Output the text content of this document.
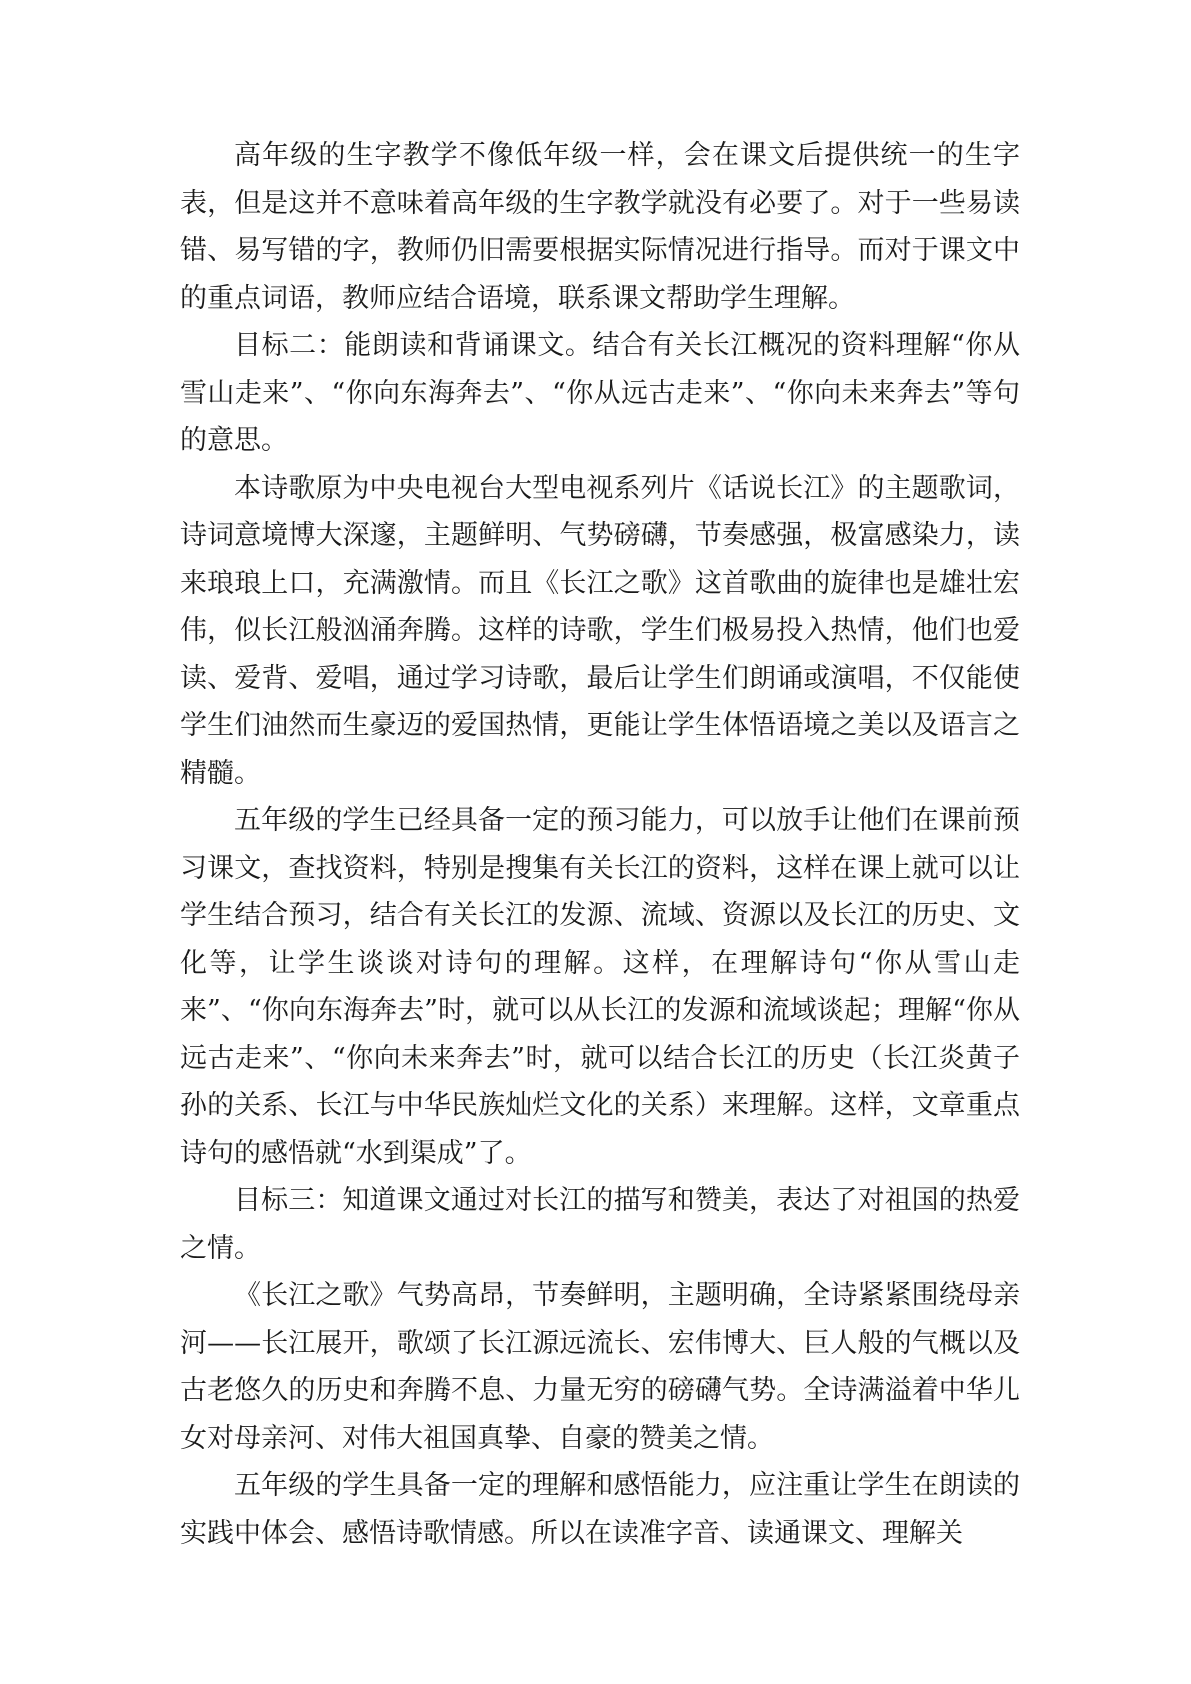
高年级的生字教学不像低年级一样，会在课文后提供统一的生字表，但是这并不意味着高年级的生字教学就没有必要了。对于一些易读错、易写错的字，教师仍旧需要根据实际情况进行指导。而对于课文中的重点词语，教师应结合语境，联系课文帮助学生理解。

目标二：能朗读和背诵课文。结合有关长江概况的资料理解“你从雪山走来”、“你向东海奔去”、“你从远古走来”、“你向未来奔去”等句的意思。

本诗歌原为中央电视台大型电视系列片《话说长江》的主题歌词，诗词意境博大深邃，主题鲜明、气势磅礴，节奏感强，极富感染力，读来琅琅上口，充满激情。而且《长江之歌》这首歌曲的旋律也是雄壮宏伟，似长江般汹涌奔腾。这样的诗歌，学生们极易投入热情，他们也爱读、爱背、爱唱，通过学习诗歌，最后让学生们朗诵或演唱，不仅能使学生们油然而生豪迈的爱国热情，更能让学生体悟语境之美以及语言之精髓。

五年级的学生已经具备一定的预习能力，可以放手让他们在课前预习课文，查找资料，特别是搜集有关长江的资料，这样在课上就可以让学生结合预习，结合有关长江的发源、流域、资源以及长江的历史、文化等，让学生谈谈对诗句的理解。这样，在理解诗句“你从雪山走来”、“你向东海奔去”时，就可以从长江的发源和流域谈起；理解“你从远古走来”、“你向未来奔去”时，就可以结合长江的历史（长江炎黄子孙的关系、长江与中华民族灿烂文化的关系）来理解。这样，文章重点诗句的感悟就“水到渠成”了。

目标三：知道课文通过对长江的描写和赞美，表达了对祖国的热爱之情。

《长江之歌》气势高昂，节奏鲜明，主题明确，全诗紧紧围绕母亲河——长江展开，歌颂了长江源远流长、宏伟博大、巨人般的气概以及古老悠久的历史和奔腾不息、力量无穷的磅礴气势。全诗满溢着中华儿女对母亲河、对伟大祖国真挚、自豪的赞美之情。

五年级的学生具备一定的理解和感悟能力，应注重让学生在朗读的实践中体会、感悟诗歌情感。所以在读准字音、读通课文、理解关
